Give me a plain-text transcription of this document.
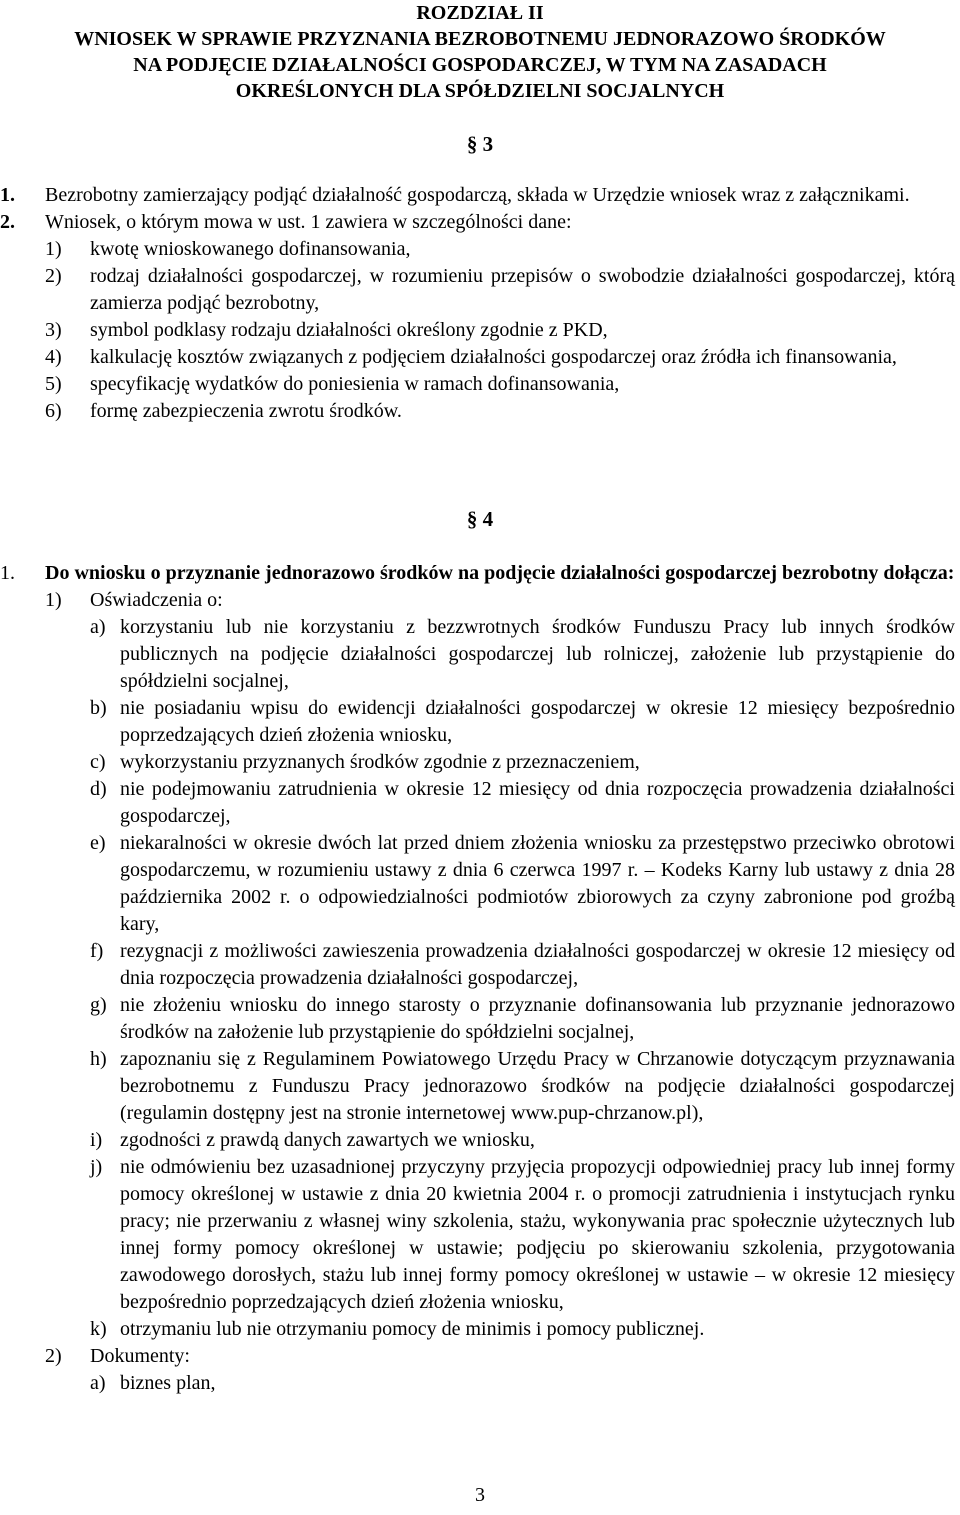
ROZDZIAŁ II

WNIOSEK W SPRAWIE PRZYZNANIA BEZROBOTNEMU JEDNORAZOWO ŚRODKÓW

NA PODJĘCIE DZIAŁALNOŚCI GOSPODARCZEJ, W TYM NA ZASADACH

OKREŚLONYCH DLA SPÓŁDZIELNI SOCJALNYCH

§ 3
1. Bezrobotny zamierzający podjąć działalność gospodarczą, składa w Urzędzie wniosek wraz z załącznikami.
2. Wniosek, o którym mowa w ust. 1 zawiera w szczególności dane:
1) kwotę wnioskowanego dofinansowania,
2) rodzaj działalności gospodarczej, w rozumieniu przepisów o swobodzie działalności gospodarczej, którą zamierza podjąć bezrobotny,
3) symbol podklasy rodzaju działalności określony zgodnie z PKD,
4) kalkulację kosztów związanych z podjęciem działalności gospodarczej oraz źródła ich finansowania,
5) specyfikację wydatków do poniesienia w ramach dofinansowania,
6) formę zabezpieczenia zwrotu środków.
§ 4
1. Do wniosku o przyznanie jednorazowo środków na podjęcie działalności gospodarczej bezrobotny dołącza:
1) Oświadczenia o:
a) korzystaniu lub nie korzystaniu z bezzwrotnych środków Funduszu Pracy lub innych środków publicznych na podjęcie działalności gospodarczej lub rolniczej, założenie lub przystąpienie do spółdzielni socjalnej,
b) nie posiadaniu wpisu do ewidencji działalności gospodarczej w okresie 12 miesięcy bezpośrednio poprzedzających dzień złożenia wniosku,
c) wykorzystaniu przyznanych środków zgodnie z przeznaczeniem,
d) nie podejmowaniu zatrudnienia w okresie 12 miesięcy od dnia rozpoczęcia prowadzenia działalności gospodarczej,
e) niekaralności w okresie dwóch lat przed dniem złożenia wniosku za przestępstwo przeciwko obrotowi gospodarczemu, w rozumieniu ustawy z dnia 6 czerwca 1997 r. – Kodeks Karny lub ustawy z dnia 28 października 2002 r. o odpowiedzialności podmiotów zbiorowych za czyny zabronione pod groźbą kary,
f) rezygnacji z możliwości zawieszenia prowadzenia działalności gospodarczej w okresie 12 miesięcy od dnia rozpoczęcia prowadzenia działalności gospodarczej,
g) nie złożeniu wniosku do innego starosty o przyznanie dofinansowania lub przyznanie jednorazowo środków na założenie lub przystąpienie do spółdzielni socjalnej,
h) zapoznaniu się z Regulaminem Powiatowego Urzędu Pracy w Chrzanowie dotyczącym przyznawania bezrobotnemu z Funduszu Pracy jednorazowo środków na podjęcie działalności gospodarczej (regulamin dostępny jest na stronie internetowej www.pup-chrzanow.pl),
i) zgodności z prawdą danych zawartych we wniosku,
j) nie odmówieniu bez uzasadnionej przyczyny przyjęcia propozycji odpowiedniej pracy lub innej formy pomocy określonej w ustawie z dnia 20 kwietnia 2004 r. o promocji zatrudnienia i instytucjach rynku pracy; nie przerwaniu z własnej winy szkolenia, stażu, wykonywania prac społecznie użytecznych lub innej formy pomocy określonej w ustawie; podjęciu po skierowaniu szkolenia, przygotowania zawodowego dorosłych, stażu lub innej formy pomocy określonej w ustawie – w okresie 12 miesięcy bezpośrednio poprzedzających dzień złożenia wniosku,
k) otrzymaniu lub nie otrzymaniu pomocy de minimis i pomocy publicznej.
2) Dokumenty:
a) biznes plan,
3
